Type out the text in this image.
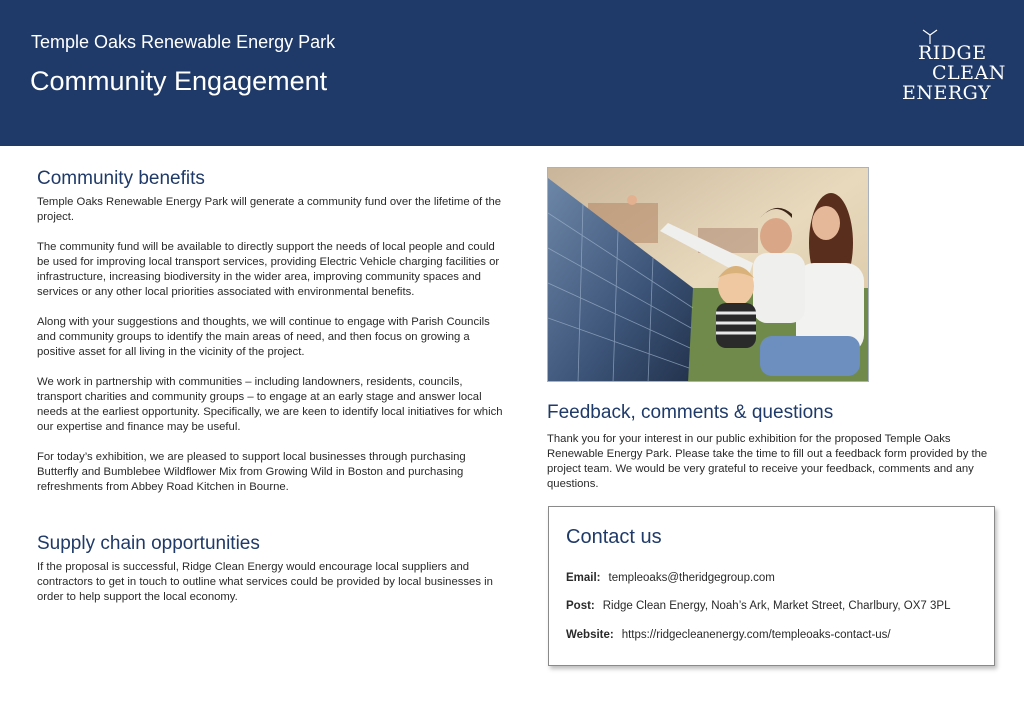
Temple Oaks Renewable Energy Park
Community Engagement
RIDGE
CLEAN
ENERGY
Community benefits

Temple Oaks Renewable Energy Park will generate a community fund over the lifetime of the project.

The community fund will be available to directly support the needs of local people and could be used for improving local transport services, providing Electric Vehicle charging facilities or infrastructure, increasing biodiversity in the wider area, improving community spaces and services or any other local priorities associated with environmental benefits.

Along with your suggestions and thoughts, we will continue to engage with Parish Councils and community groups to identify the main areas of need, and then focus on growing a positive asset for all living in the vicinity of the project.

We work in partnership with communities – including landowners, residents, councils, transport charities and community groups – to engage at an early stage and answer local needs at the earliest opportunity. Specifically, we are keen to identify local initiatives for which our expertise and finance may be useful.

For today’s exhibition, we are pleased to support local businesses through purchasing Butterfly and Bumblebee Wildflower Mix from Growing Wild in Boston and purchasing refreshments from Abbey Road Kitchen in Bourne.

Supply chain opportunities

If the proposal is successful, Ridge Clean Energy would encourage local suppliers and contractors to get in touch to outline what services could be provided by local businesses in order to help support the local economy.

Feedback, comments & questions

Thank you for your interest in our public exhibition for the proposed Temple Oaks Renewable Energy Park. Please take the time to fill out a feedback form provided by the project team. We would be very grateful to receive your feedback, comments and any questions.

Contact us
Email: templeoaks@theridgegroup.com
Post: Ridge Clean Energy, Noah’s Ark, Market Street, Charlbury, OX7 3PL
Website: https://ridgecleanenergy.com/templeoaks-contact-us/
